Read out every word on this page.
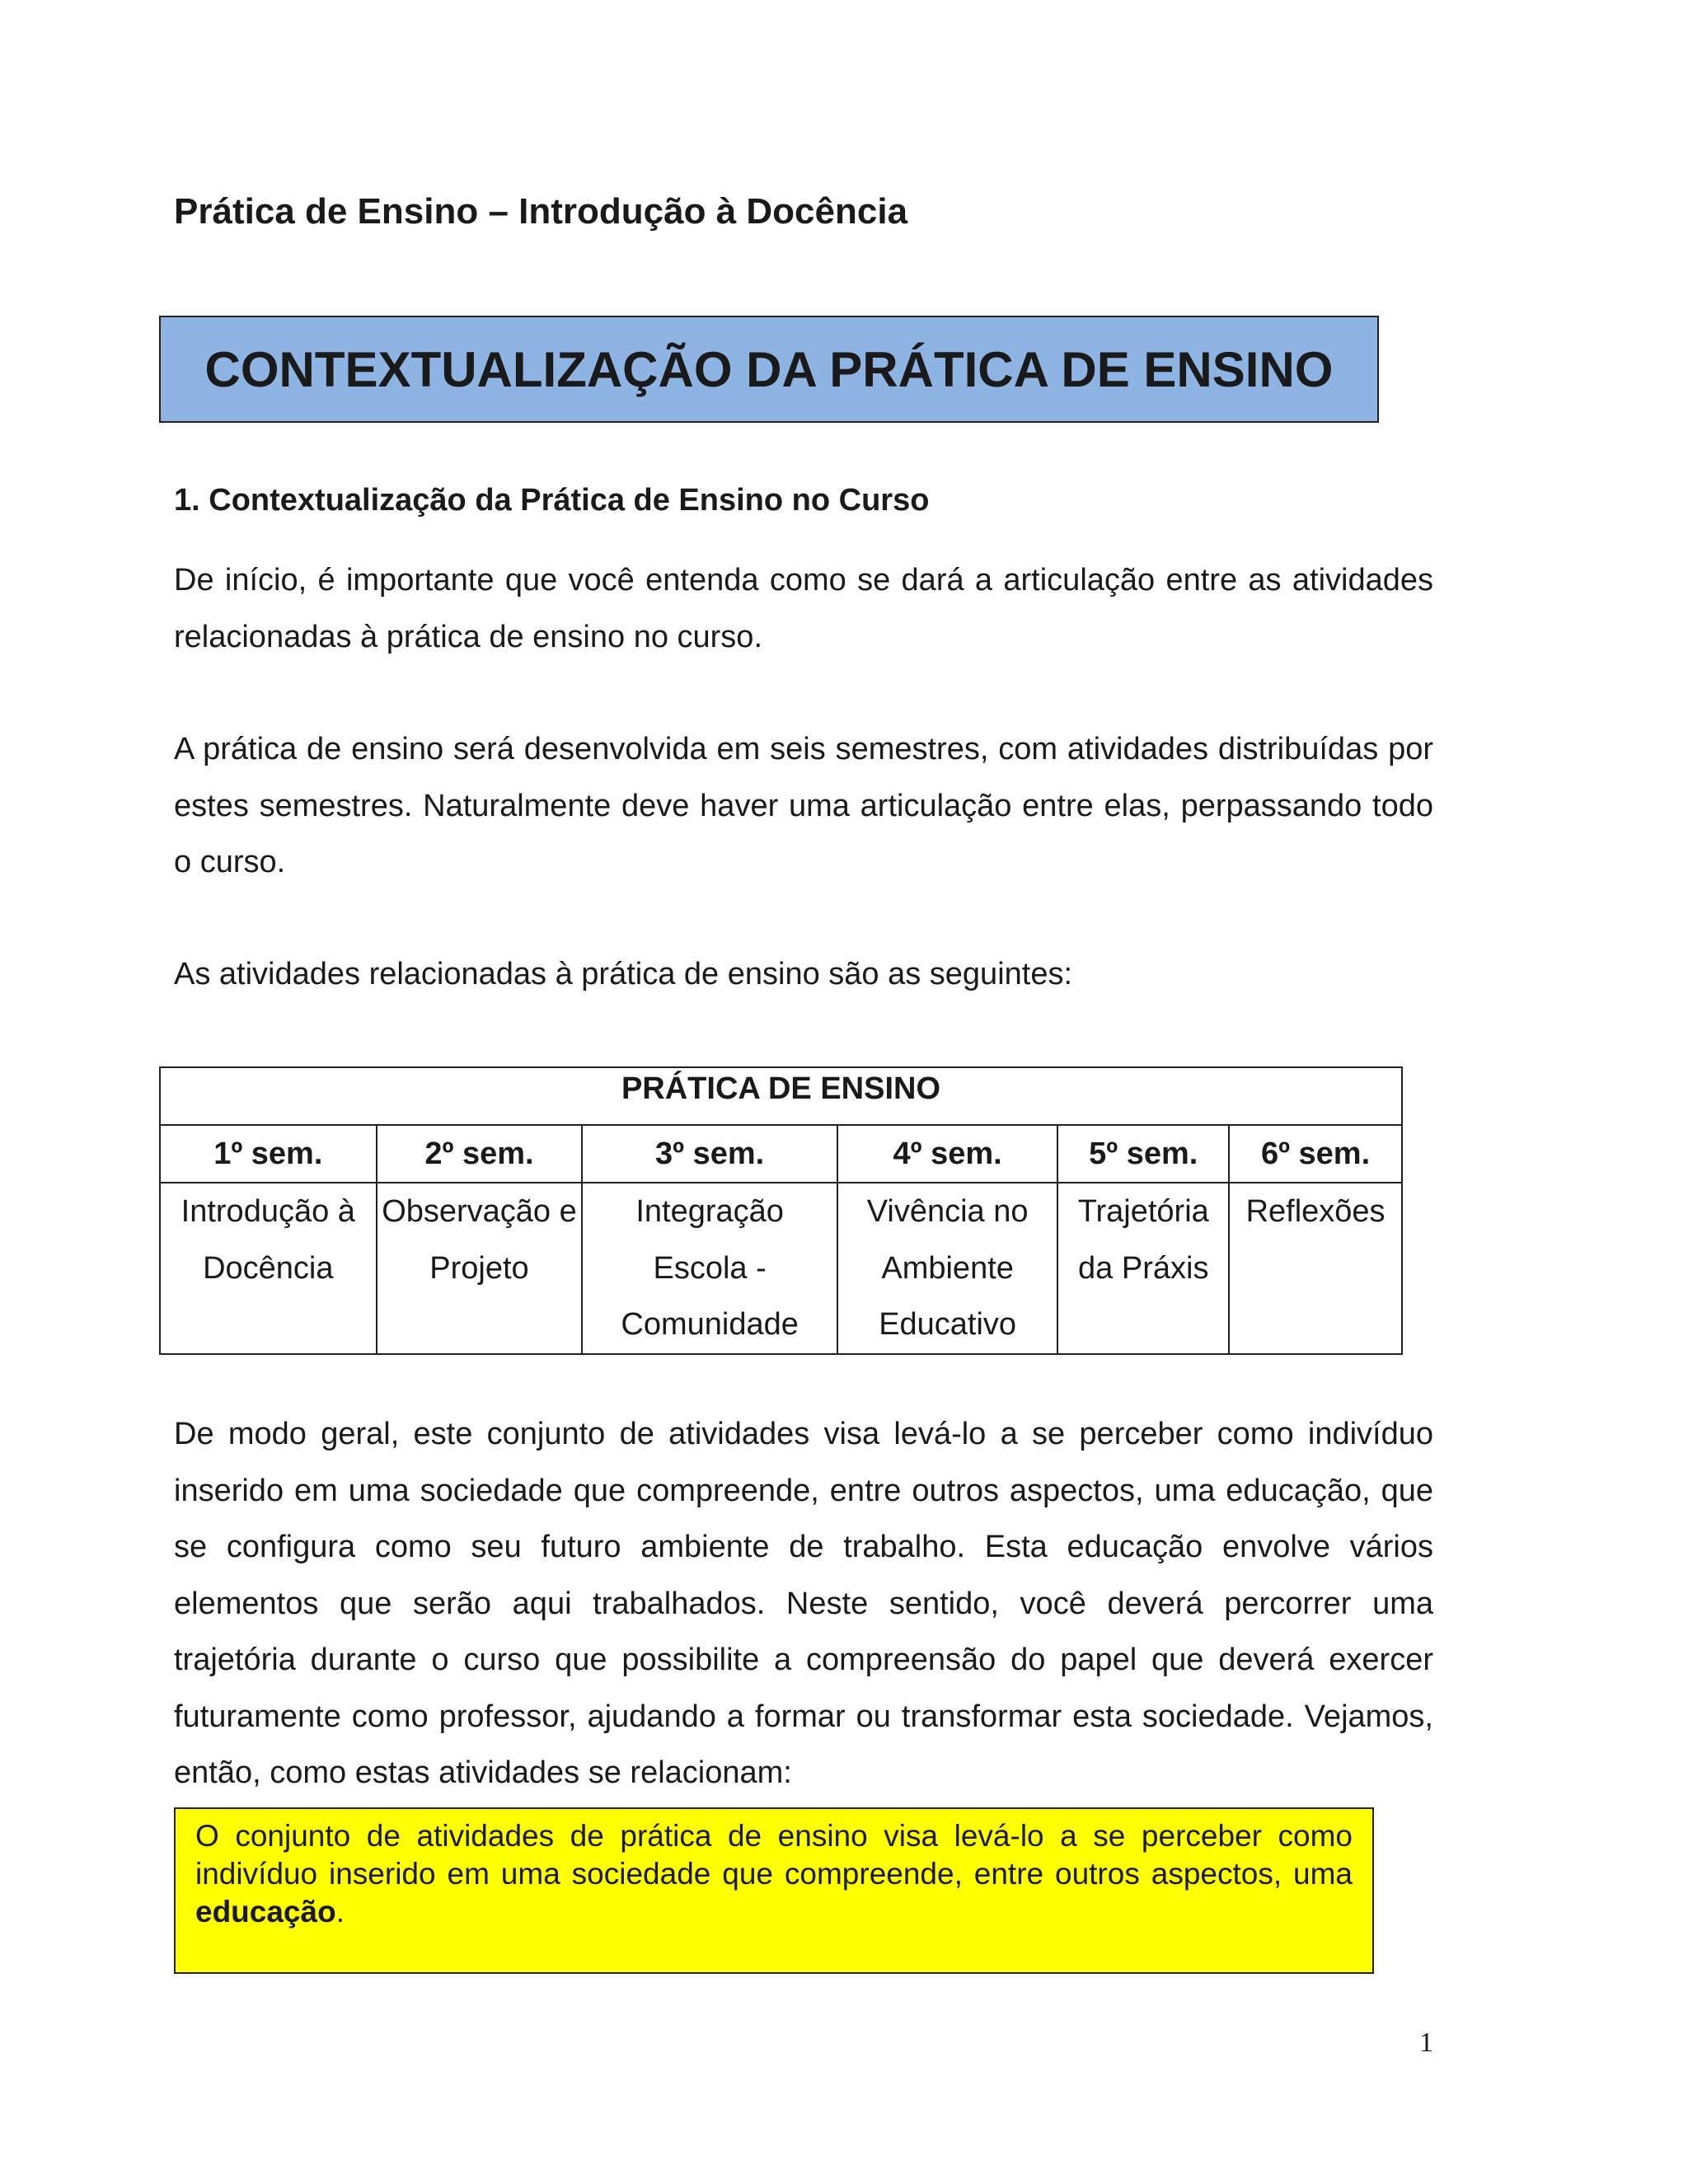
Prática de Ensino – Introdução à Docência
CONTEXTUALIZAÇÃO DA PRÁTICA DE ENSINO
1. Contextualização da Prática de Ensino no Curso

De início, é importante que você entenda como se dará a articulação entre as atividades relacionadas à prática de ensino no curso.

A prática de ensino será desenvolvida em seis semestres, com atividades distribuídas por estes semestres. Naturalmente deve haver uma articulação entre elas, perpassando todo o curso.

As atividades relacionadas à prática de ensino são as seguintes:

PRÁTICA DE ENSINO					
1º sem.	2º sem.	3º sem.	4º sem.	5º sem.	6º sem.
Introdução à Docência	Observação e Projeto	Integração Escola - Comunidade	Vivência no Ambiente Educativo	Trajetória da Práxis	Reflexões

De modo geral, este conjunto de atividades visa levá-lo a se perceber como indivíduo inserido em uma sociedade que compreende, entre outros aspectos, uma educação, que se configura como seu futuro ambiente de trabalho. Esta educação envolve vários elementos que serão aqui trabalhados. Neste sentido, você deverá percorrer uma trajetória durante o curso que possibilite a compreensão do papel que deverá exercer futuramente como professor, ajudando a formar ou transformar esta sociedade. Vejamos, então, como estas atividades se relacionam:

O conjunto de atividades de prática de ensino visa levá-lo a se perceber como indivíduo inserido em uma sociedade que compreende, entre outros aspectos, uma educação.
1
